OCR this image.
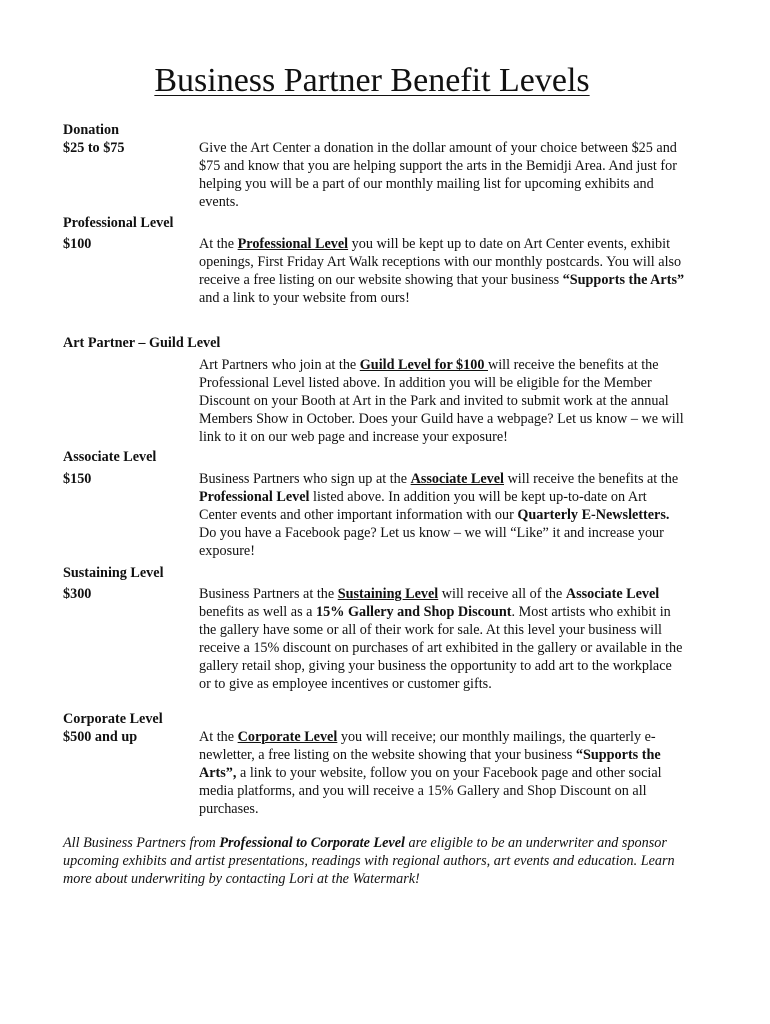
Business Partner Benefit Levels
Donation
$25 to $75	Give the Art Center a donation in the dollar amount of your choice between $25 and $75 and know that you are helping support the arts in the Bemidji Area. And just for helping you will be a part of our monthly mailing list for upcoming exhibits and events.
Professional Level
$100	At the Professional Level you will be kept up to date on Art Center events, exhibit openings, First Friday Art Walk receptions with our monthly postcards. You will also receive a free listing on our website showing that your business “Supports the Arts” and a link to your website from ours!
Art Partner – Guild Level
Art Partners who join at the Guild Level for $100 will receive the benefits at the Professional Level listed above. In addition you will be eligible for the Member Discount on your Booth at Art in the Park and invited to submit work at the annual Members Show in October. Does your Guild have a webpage? Let us know – we will link to it on our web page and increase your exposure!
Associate Level
$150	Business Partners who sign up at the Associate Level will receive the benefits at the Professional Level listed above. In addition you will be kept up-to-date on Art Center events and other important information with our Quarterly E-Newsletters. Do you have a Facebook page? Let us know – we will “Like” it and increase your exposure!
Sustaining Level
$300	Business Partners at the Sustaining Level will receive all of the Associate Level benefits as well as a 15% Gallery and Shop Discount. Most artists who exhibit in the gallery have some or all of their work for sale. At this level your business will receive a 15% discount on purchases of art exhibited in the gallery or available in the gallery retail shop, giving your business the opportunity to add art to the workplace or to give as employee incentives or customer gifts.
Corporate Level
$500 and up	At the Corporate Level you will receive; our monthly mailings, the quarterly e-newletter, a free listing on the website showing that your business “Supports the Arts”, a link to your website, follow you on your Facebook page and other social media platforms, and you will receive a 15% Gallery and Shop Discount on all purchases.
All Business Partners from Professional to Corporate Level are eligible to be an underwriter and sponsor upcoming exhibits and artist presentations, readings with regional authors, art events and education. Learn more about underwriting by contacting Lori at the Watermark!
